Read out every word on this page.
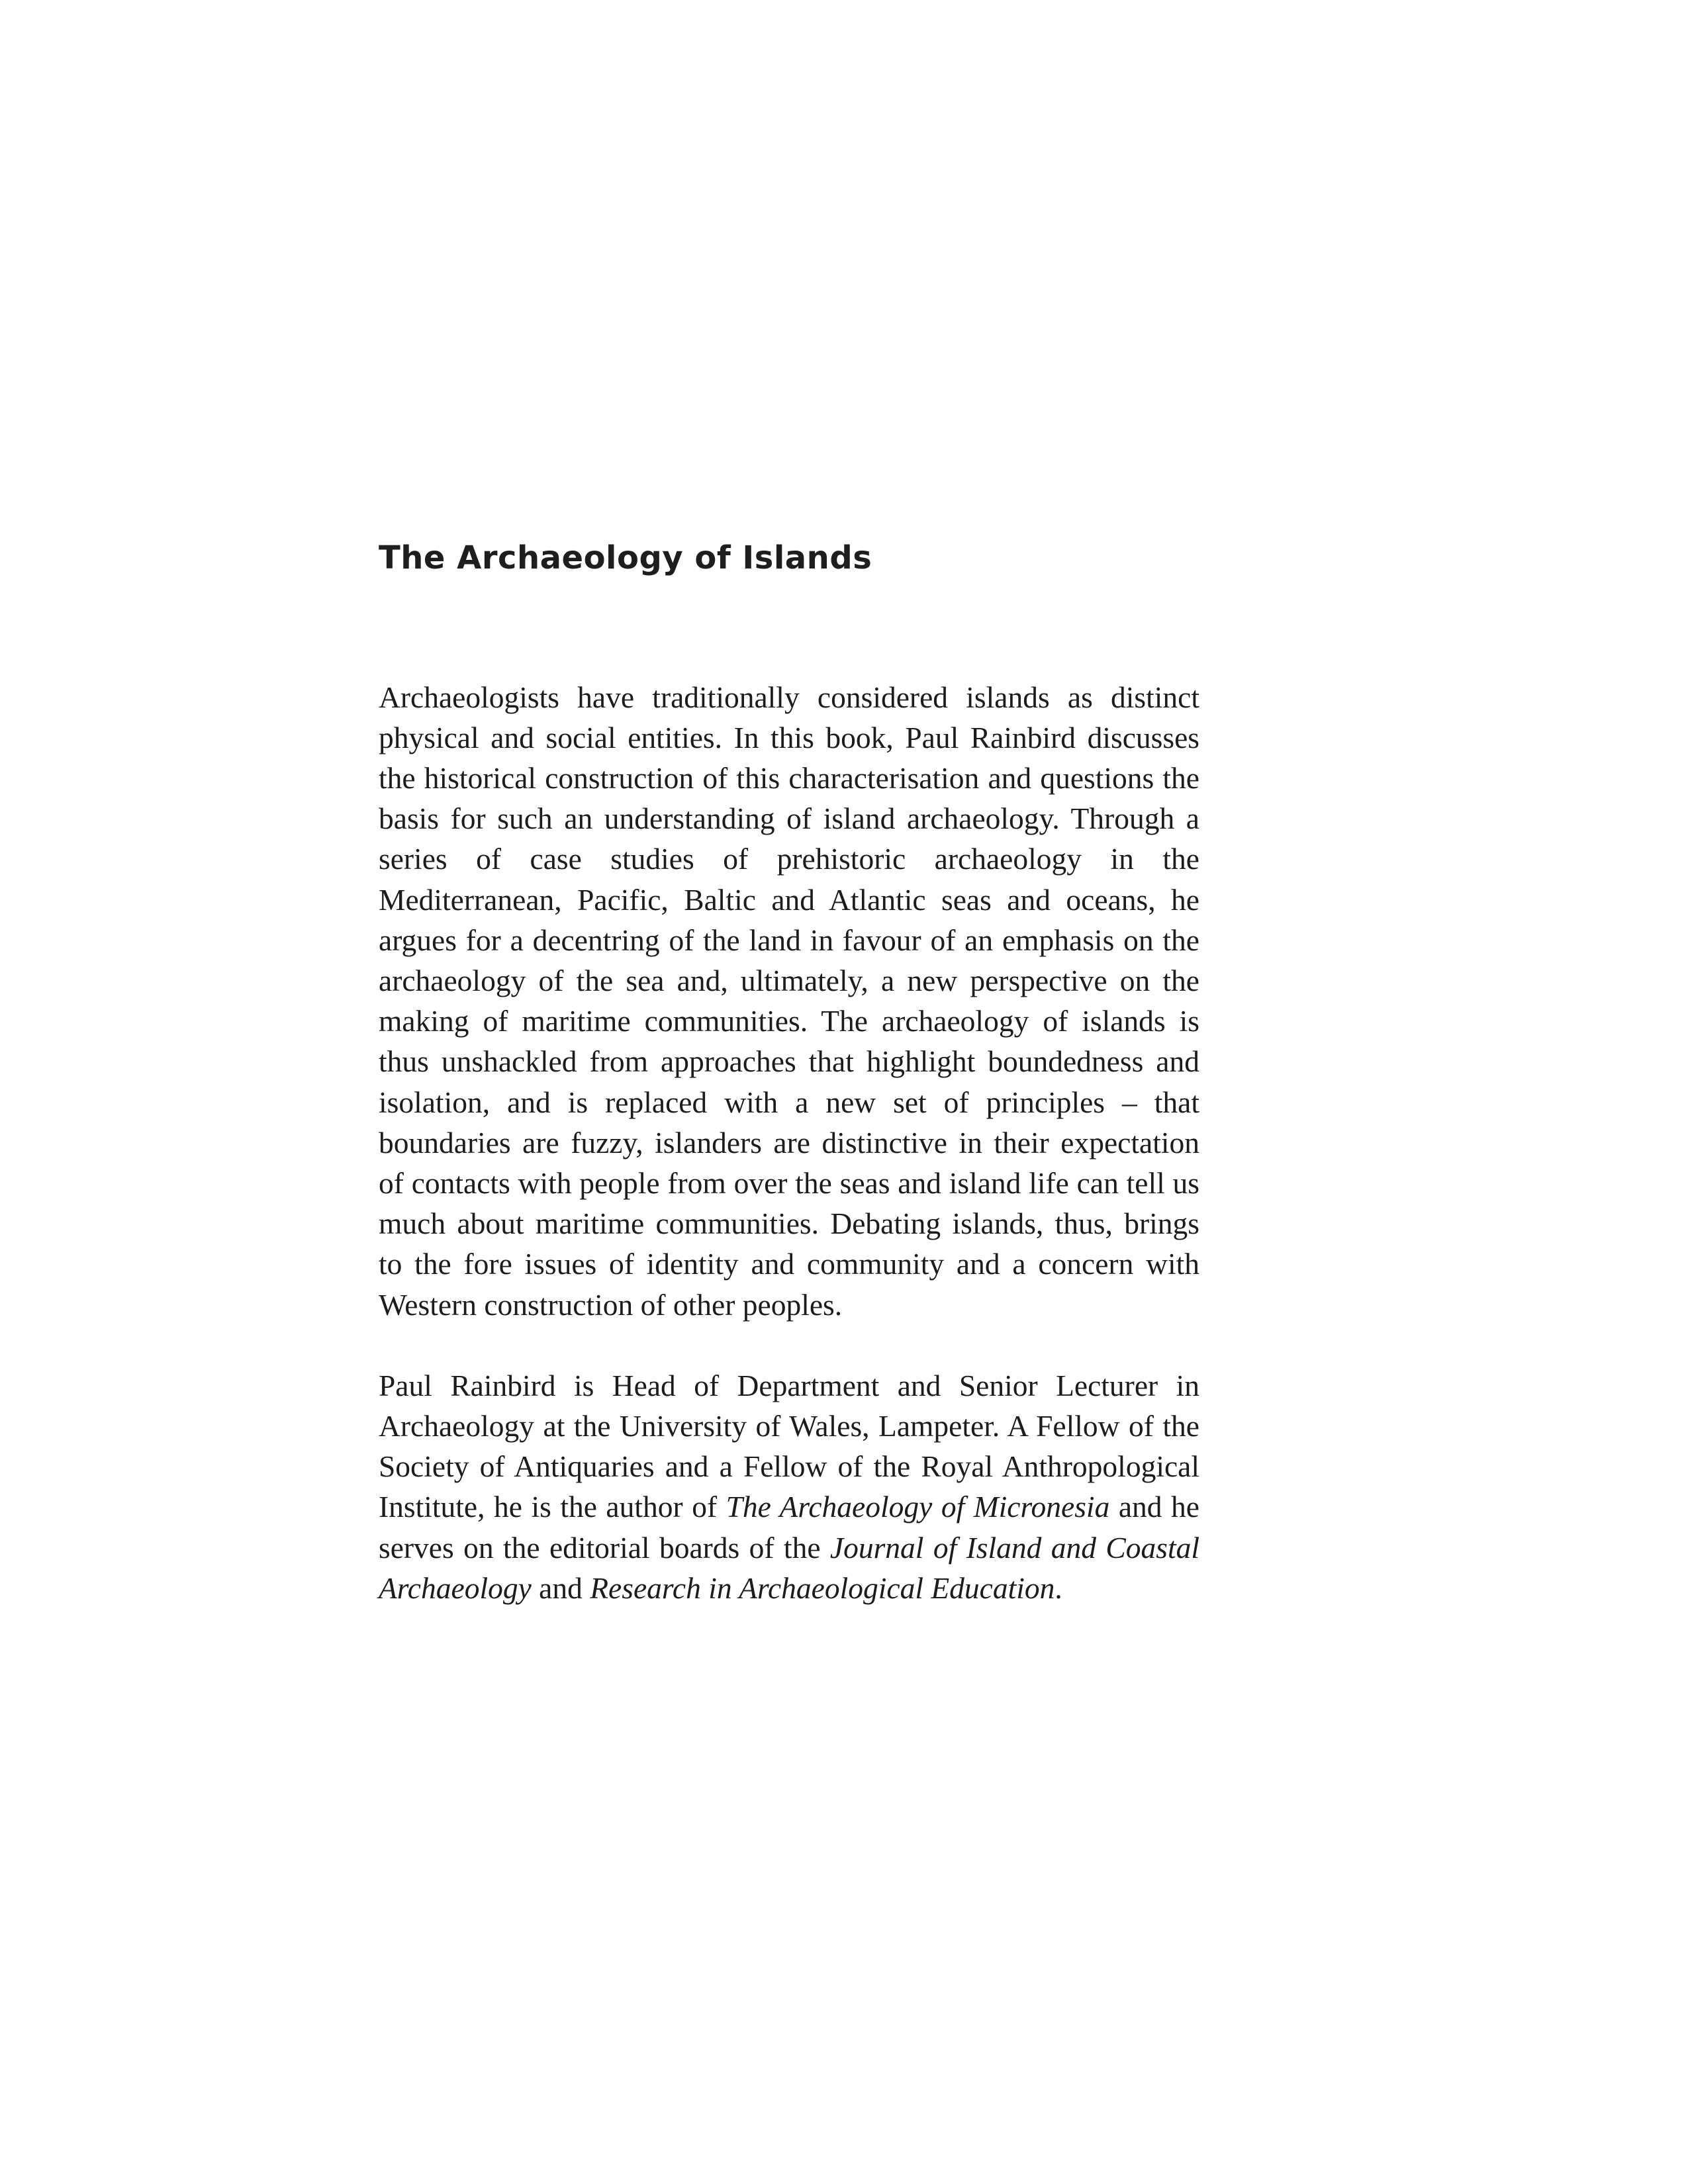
The Archaeology of Islands

Archaeologists have traditionally considered islands as distinct physical and social entities. In this book, Paul Rainbird discusses the historical construction of this characterisation and questions the basis for such an understanding of island archaeology. Through a series of case studies of prehistoric archaeology in the Mediterranean, Pacific, Baltic and Atlantic seas and oceans, he argues for a decentring of the land in favour of an emphasis on the archaeology of the sea and, ultimately, a new perspective on the making of maritime communities. The archaeology of islands is thus unshackled from approaches that highlight boundedness and isolation, and is replaced with a new set of principles – that boundaries are fuzzy, islanders are distinctive in their expectation of contacts with people from over the seas and island life can tell us much about maritime communities. Debating islands, thus, brings to the fore issues of identity and community and a concern with Western construction of other peoples.

Paul Rainbird is Head of Department and Senior Lecturer in Archaeology at the University of Wales, Lampeter. A Fellow of the Society of Antiquaries and a Fellow of the Royal Anthropological Institute, he is the author of The Archaeology of Micronesia and he serves on the editorial boards of the Journal of Island and Coastal Archaeology and Research in Archaeological Education.
